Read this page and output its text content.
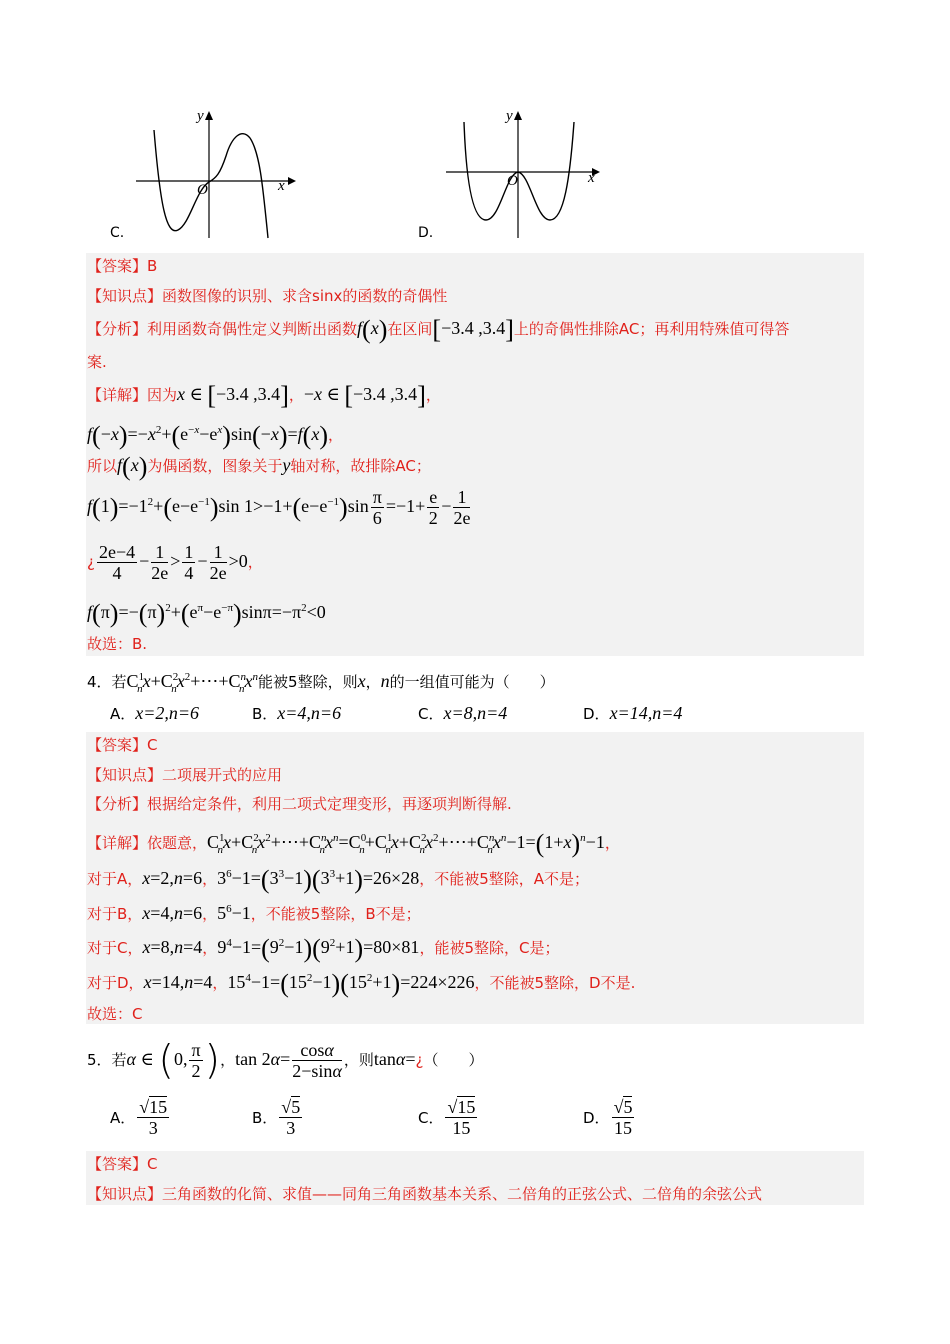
y
x
O
C.
y
x
O
D.
【答案】B
【知识点】函数图像的识别、求含sinx的函数的奇偶性
【分析】利用函数奇偶性定义判断出函数f(x)在区间[−3.4 ,3.4]上的奇偶性排除AC；再利用特殊值可得答
案.
【详解】因为x ∈ [−3.4 ,3.4]，−x ∈ [−3.4 ,3.4]，
$f(-x)=-x^2+(e^{-x}-e^x)\sin(-x)=f(x)$，
所以f(x)为偶函数，图象关于y轴对称，故排除AC；
$f(1)=-1^2+(e-e^{-1})\sin$ $1>-1+(e-e^{-1})\sin \frac{\pi}{6} =-1+ \frac{e}{2} - \frac{1}{2e}$
¿ $\frac{2e-4}{4} - \frac{1}{2e} > \frac{1}{4} - \frac{1}{2e} >0$，
$f(\pi)=-(\pi)^2+(e^\pi-e^{-\pi})\sin\pi=-\pi^2<0$
故选：B.
4．若$C^1_nx+C^2_nx^2+\cdots+C^n_nx^n$能被5整除，则x，n的一组值可能为（　　）
A．x=2,n=6	B．x=4,n=6	C．x=8,n=4	D．x=14,n=4
【答案】C
【知识点】二项展开式的应用
【分析】根据给定条件，利用二项式定理变形，再逐项判断得解.
【详解】依题意，$C^1_nx+C^2_nx^2+\cdots+C^n_nx^n=C^0_n+C^1_nx+C^2_nx^2+\cdots+C^n_nx^n-1=(1+x)^n-1$，
对于A，x=2,n=6，$3^6-1=(3^3-1)(3^3+1)=26\times 28$，不能被5整除，A不是；
对于B，x=4,n=6，$5^6-1$，不能被5整除，B不是；
对于C，x=8,n=4，$9^4-1=(9^2-1)(9^2+1)=80\times 81$，能被5整除，C是；
对于D，x=14,n=4，$15^4-1=(15^2-1)(15^2+1)=224\times 226$，不能被5整除，D不是.
故选：C
5．若α ∈ (0, $\frac{\pi}{2}$ )，$\tan 2\alpha= \frac{\cos\alpha}{2-\sin\alpha}$ ，则tanα=¿（　　）
A． $\frac{√15}{3}$	B． $\frac{√5}{3}$	C． $\frac{√15}{15}$	D． $\frac{√5}{15}$
【答案】C
【知识点】三角函数的化简、求值——同角三角函数基本关系、二倍角的正弦公式、二倍角的余弦公式
